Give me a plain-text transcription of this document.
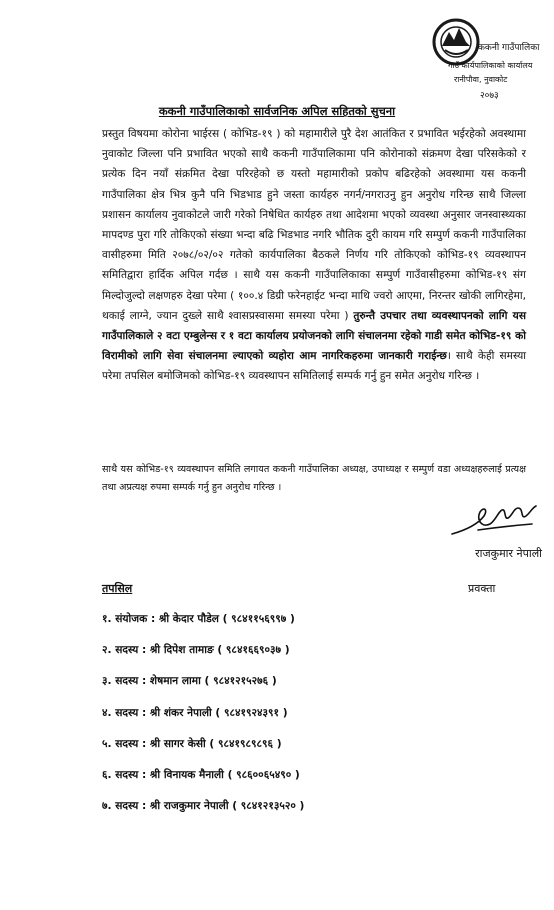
ककनी गाउँपालिका
गाउँ कार्यपालिकाको कार्यालय
रानीपौवा, नुवाकोट
२०७३
ककनी गाउँपालिकाको सार्वजनिक अपिल सहितको सुचना

प्रस्तुत विषयमा कोरोना भाईरस ( कोभिड-१९ ) को महामारीले पुरै देश आतंकित र प्रभावित भईरहेको अवस्थामा नुवाकोट जिल्ला पनि प्रभावित भएको साथै ककनी गाउँपालिकामा पनि कोरोनाको संक्रमण देखा परिसकेको र प्रत्येक दिन नयाँ संक्रमित देखा परिरहेको छ यस्तो महामारीको प्रकोप बढिरहेको अवस्थामा यस ककनी गाउँपालिका क्षेत्र भित्र कुनै पनि भिडभाड हुने जस्ता कार्यहरु नगर्न/नगराउनु हुन अनुरोध गरिन्छ साथै जिल्ला प्रशासन कार्यालय नुवाकोटले जारी गरेको निषेधित कार्यहरु तथा आदेशमा भएको व्यवस्था अनुसार जनस्वास्थ्यका मापदण्ड पुरा गरि तोकिएको संख्या भन्दा बढि भिडभाड नगरि भौतिक दुरी कायम गरि सम्पुर्ण ककनी गाउँपालिका वासीहरुमा मिति २०७८/०२/०२ गतेको कार्यपालिका बैठकले निर्णय गरि तोकिएको कोभिड-१९ व्यवस्थापन समितिद्वारा हार्दिक अपिल गर्दछ । साथै यस ककनी गाउँपालिकाका सम्पुर्ण गाउँवासीहरुमा कोभिड-१९ संग मिल्दोजुल्दो लक्षणहरु देखा परेमा ( १००.४ डिग्री फरेनहाईट भन्दा माथि ज्वरो आएमा, निरन्तर खोकी लागिरहेमा, थकाई लाग्ने, ज्यान दुख्ले साथै श्वासप्रस्वासमा समस्या परेमा ) तुरुन्तै उपचार तथा व्यवस्थापनको लागि यस गाउँपालिकाले २ वटा एम्बुलेन्स र १ वटा कार्यालय प्रयोजनको लागि संचालनमा रहेको गाडी समेत कोभिड-१९ को विरामीको लागि सेवा संचालनमा ल्याएको व्यहोरा आम नागरिकहरुमा जानकारी गराईन्छ। साथै केही समस्या परेमा तपसिल बमोजिमको कोभिड-१९ व्यवस्थापन समितिलाई सम्पर्क गर्नु हुन समेत अनुरोध गरिन्छ ।

साथै यस कोभिड-१९ व्यवस्थापन समिति लगायत ककनी गाउँपालिका अध्यक्ष, उपाध्यक्ष र सम्पुर्ण वडा अध्यक्षहरुलाई प्रत्यक्ष तथा अप्रत्यक्ष रुपमा सम्पर्क गर्नु हुन अनुरोध गरिन्छ ।

राजकुमार नेपाली
तपसिल	प्रवक्ता
१. संयोजक : श्री केदार पौडेल ( ९८४११५६९९७ )
२. सदस्य : श्री दिपेश तामाङ ( ९८४१६६९०३७ )
३. सदस्य : शेषमान लामा ( ९८४१२१५२७६ )
४. सदस्य : श्री शंकर नेपाली ( ९८४१९२४३९१ )
५. सदस्य : श्री सागर केसी ( ९८४१९८९८९६ )
६. सदस्य : श्री विनायक मैनाली ( ९८६००६५४९० )
७. सदस्य : श्री राजकुमार नेपाली ( ९८४१२१३५२० )
